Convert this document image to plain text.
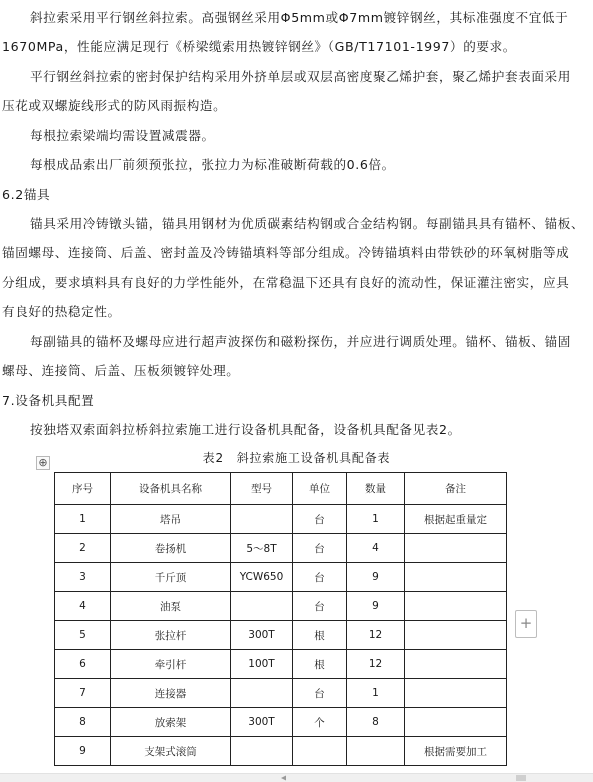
斜拉索采用平行钢丝斜拉索。高强钢丝采用Φ5mm或Φ7mm镀锌钢丝，其标准强度不宜低于
1670MPa，性能应满足现行《桥梁缆索用热镀锌钢丝》（GB/T17101-1997）的要求。
平行钢丝斜拉索的密封保护结构采用外挤单层或双层高密度聚乙烯护套，聚乙烯护套表面采用
压花或双螺旋线形式的防风雨振构造。
每根拉索梁端均需设置减震器。
每根成品索出厂前须预张拉，张拉力为标准破断荷载的0.6倍。
6.2锚具
锚具采用冷铸镦头锚，锚具用钢材为优质碳素结构钢或合金结构钢。每副锚具具有锚杯、锚板、
锚固螺母、连接筒、后盖、密封盖及冷铸锚填料等部分组成。冷铸锚填料由带铁砂的环氧树脂等成
分组成，要求填料具有良好的力学性能外，在常稳温下还具有良好的流动性，保证灌注密实，应具
有良好的热稳定性。
每副锚具的锚杯及螺母应进行超声波探伤和磁粉探伤，并应进行调质处理。锚杯、锚板、锚固
螺母、连接筒、后盖、压板须镀锌处理。
7.设备机具配置
按独塔双索面斜拉桥斜拉索施工进行设备机具配备，设备机具配备见表2。
⊕	表2　斜拉索施工设备机具配备表
序号	设备机具名称	型号	单位	数量	备注
1	塔吊		台	1	根据起重量定
2	卷扬机	5～8T	台	4	
3	千斤顶	YCW650	台	9	
4	油泵		台	9	
5	张拉杆	300T	根	12	
6	牵引杆	100T	根	12	
7	连接器		台	1	
8	放索架	300T	个	8	
9	支架式滚筒				根据需要加工
+
